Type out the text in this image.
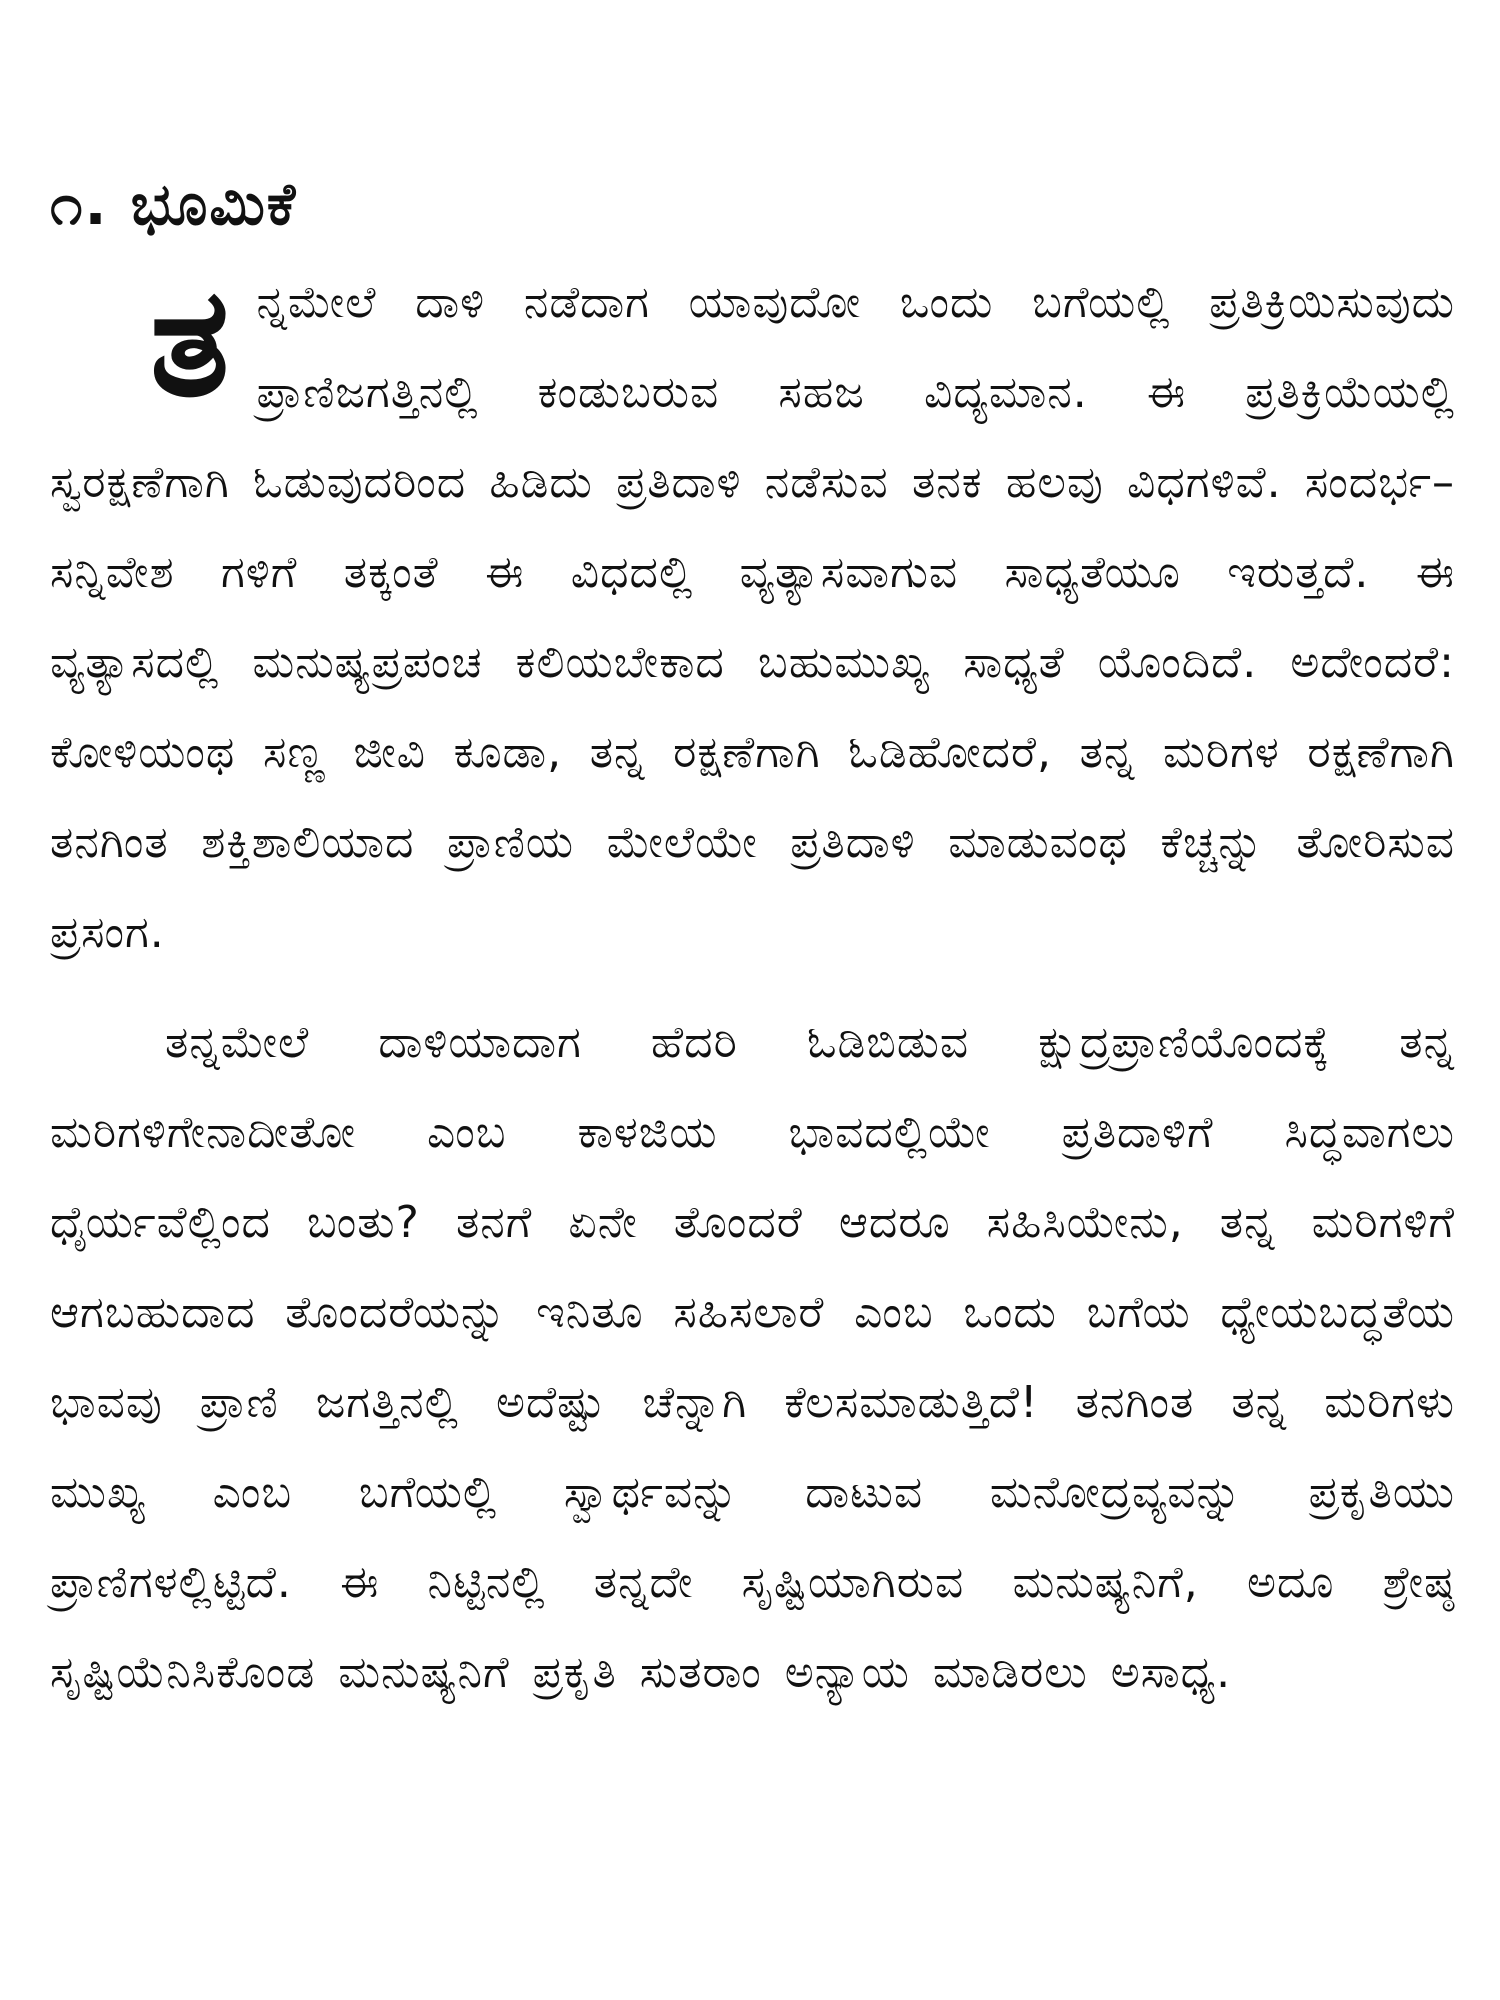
೧. ಭೂಮಿಕೆ

ತನ್ನಮೇಲೆ ದಾಳಿ ನಡೆದಾಗ ಯಾವುದೋ ಒಂದು ಬಗೆಯಲ್ಲಿ ಪ್ರತಿಕ್ರಿಯಿಸುವುದು ಪ್ರಾಣಿಜಗತ್ತಿನಲ್ಲಿ ಕಂಡುಬರುವ ಸಹಜ ವಿದ್ಯಮಾನ. ಈ ಪ್ರತಿಕ್ರಿಯೆಯಲ್ಲಿ ಸ್ವರಕ್ಷಣೆಗಾಗಿ ಓಡುವುದರಿಂದ ಹಿಡಿದು ಪ್ರತಿದಾಳಿ ನಡೆಸುವ ತನಕ ಹಲವು ವಿಧಗಳಿವೆ. ಸಂದರ್ಭ–ಸನ್ನಿವೇಶ ಗಳಿಗೆ ತಕ್ಕಂತೆ ಈ ವಿಧದಲ್ಲಿ ವ್ಯತ್ಯಾಸವಾಗುವ ಸಾಧ್ಯತೆಯೂ ಇರುತ್ತದೆ. ಈ ವ್ಯತ್ಯಾಸದಲ್ಲಿ ಮನುಷ್ಯಪ್ರಪಂಚ ಕಲಿಯಬೇಕಾದ ಬಹುಮುಖ್ಯ ಸಾಧ್ಯತೆ ಯೊಂದಿದೆ. ಅದೇಂದರೆ: ಕೋಳಿಯಂಥ ಸಣ್ಣ ಜೀವಿ ಕೂಡಾ, ತನ್ನ ರಕ್ಷಣೆಗಾಗಿ ಓಡಿಹೋದರೆ, ತನ್ನ ಮರಿಗಳ ರಕ್ಷಣೆಗಾಗಿ ತನಗಿಂತ ಶಕ್ತಿಶಾಲಿಯಾದ ಪ್ರಾಣಿಯ ಮೇಲೆಯೇ ಪ್ರತಿದಾಳಿ ಮಾಡುವಂಥ ಕೆಚ್ಚನ್ನು ತೋರಿಸುವ ಪ್ರಸಂಗ.

ತನ್ನಮೇಲೆ ದಾಳಿಯಾದಾಗ ಹೆದರಿ ಓಡಿಬಿಡುವ ಕ್ಷುದ್ರಪ್ರಾಣಿಯೊಂದಕ್ಕೆ ತನ್ನ ಮರಿಗಳಿಗೇನಾದೀತೋ ಎಂಬ ಕಾಳಜಿಯ ಭಾವದಲ್ಲಿಯೇ ಪ್ರತಿದಾಳಿಗೆ ಸಿದ್ಧವಾಗಲು ಧೈರ್ಯವೆಲ್ಲಿಂದ ಬಂತು? ತನಗೆ ಏನೇ ತೊಂದರೆ ಆದರೂ ಸಹಿಸಿಯೇನು, ತನ್ನ ಮರಿಗಳಿಗೆ ಆಗಬಹುದಾದ ತೊಂದರೆಯನ್ನು ಇನಿತೂ ಸಹಿಸಲಾರೆ ಎಂಬ ಒಂದು ಬಗೆಯ ಧ್ಯೇಯಬದ್ಧತೆಯ ಭಾವವು ಪ್ರಾಣಿ ಜಗತ್ತಿನಲ್ಲಿ ಅದೆಷ್ಟು ಚೆನ್ನಾಗಿ ಕೆಲಸಮಾಡುತ್ತಿದೆ! ತನಗಿಂತ ತನ್ನ ಮರಿಗಳು ಮುಖ್ಯ ಎಂಬ ಬಗೆಯಲ್ಲಿ ಸ್ವಾರ್ಥವನ್ನು ದಾಟುವ ಮನೋದ್ರವ್ಯವನ್ನು ಪ್ರಕೃತಿಯು ಪ್ರಾಣಿಗಳಲ್ಲಿಟ್ಟಿದೆ. ಈ ನಿಟ್ಟಿನಲ್ಲಿ ತನ್ನದೇ ಸೃಷ್ಟಿಯಾಗಿರುವ ಮನುಷ್ಯನಿಗೆ, ಅದೂ ಶ್ರೇಷ್ಠ ಸೃಷ್ಟಿಯೆನಿಸಿಕೊಂಡ ಮನುಷ್ಯನಿಗೆ ಪ್ರಕೃತಿ ಸುತರಾಂ ಅನ್ಯಾಯ ಮಾಡಿರಲು ಅಸಾಧ್ಯ.
